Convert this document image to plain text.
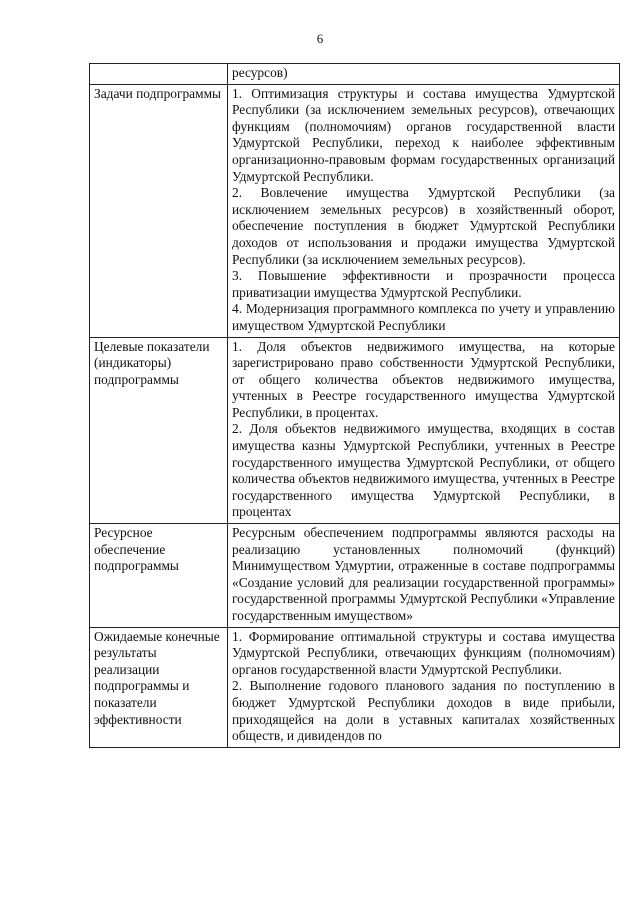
6

	ресурсов)

Задачи подпрограммы	1. Оптимизация структуры и состава имущества Удмуртской Республики (за исключением земельных ресурсов), отвечающих функциям (полномочиям) органов государственной власти Удмуртской Республики, переход к наиболее эффективным организационно-правовым формам государственных организаций Удмуртской Республики.

2. Вовлечение имущества Удмуртской Республики (за исключением земельных ресурсов) в хозяйственный оборот, обеспечение поступления в бюджет Удмуртской Республики доходов от использования и продажи имущества Удмуртской Республики (за исключением земельных ресурсов).

3. Повышение эффективности и прозрачности процесса приватизации имущества Удмуртской Республики.

4. Модернизация программного комплекса по учету и управлению имуществом Удмуртской Республики

Целевые показатели (индикаторы) подпрограммы	1. Доля объектов недвижимого имущества, на которые зарегистрировано право собственности Удмуртской Республики, от общего количества объектов недвижимого имущества, учтенных в Реестре государственного имущества Удмуртской Республики, в процентах.

2. Доля объектов недвижимого имущества, входящих в состав имущества казны Удмуртской Республики, учтенных в Реестре государственного имущества Удмуртской Республики, от общего количества объектов недвижимого имущества, учтенных в Реестре государственного имущества Удмуртской Республики, в процентах

Ресурсное обеспечение подпрограммы	Ресурсным обеспечением подпрограммы являются расходы на реализацию установленных полномочий (функций) Минимуществом Удмуртии, отраженные в составе подпрограммы «Создание условий для реализации государственной программы» государственной программы Удмуртской Республики «Управление государственным имуществом»

Ожидаемые конечные результаты реализации подпрограммы и показатели эффективности	1. Формирование оптимальной структуры и состава имущества Удмуртской Республики, отвечающих функциям (полномочиям) органов государственной власти Удмуртской Республики.

2. Выполнение годового планового задания по поступлению в бюджет Удмуртской Республики доходов в виде прибыли, приходящейся на доли в уставных капиталах хозяйственных обществ, и дивидендов по
